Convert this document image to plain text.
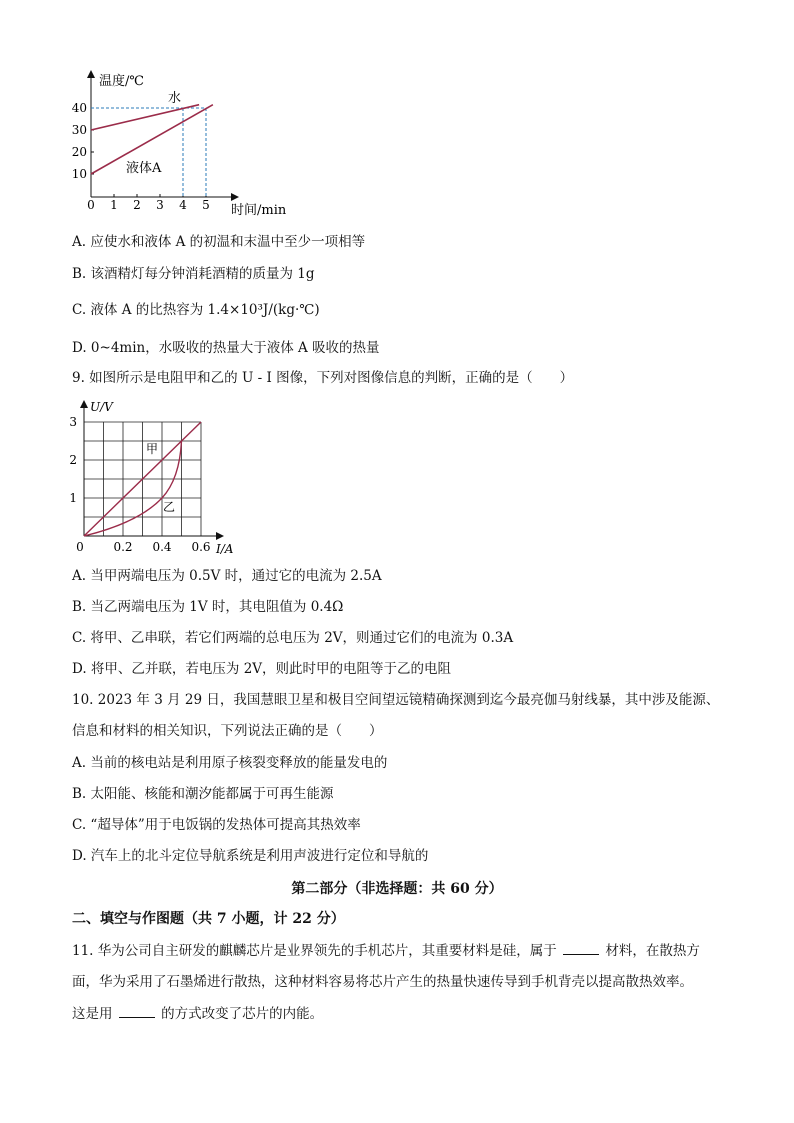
温度/℃
时间/min
0 1 2 3 4 5
10
20
30
40
水
液体A
A. 应使水和液体 A 的初温和末温中至少一项相等
B. 该酒精灯每分钟消耗酒精的质量为 1g
C. 液体 A 的比热容为 1.4×10³J/(kg·℃)
D. 0~4min，水吸收的热量大于液体 A 吸收的热量
9. 如图所示是电阻甲和乙的 U - I 图像，下列对图像信息的判断，正确的是（　　）
U/V
I/A
0 0.2 0.4 0.6
1
2
3
甲
乙
A. 当甲两端电压为 0.5V 时，通过它的电流为 2.5A
B. 当乙两端电压为 1V 时，其电阻值为 0.4Ω
C. 将甲、乙串联，若它们两端的总电压为 2V，则通过它们的电流为 0.3A
D. 将甲、乙并联，若电压为 2V，则此时甲的电阻等于乙的电阻
10. 2023 年 3 月 29 日，我国慧眼卫星和极目空间望远镜精确探测到迄今最亮伽马射线暴，其中涉及能源、
信息和材料的相关知识，下列说法正确的是（　　）
A. 当前的核电站是利用原子核裂变释放的能量发电的
B. 太阳能、核能和潮汐能都属于可再生能源
C. “超导体”用于电饭锅的发热体可提高其热效率
D. 汽车上的北斗定位导航系统是利用声波进行定位和导航的
第二部分（非选择题：共 60 分）
二、填空与作图题（共 7 小题，计 22 分）
11. 华为公司自主研发的麒麟芯片是业界领先的手机芯片，其重要材料是硅，属于	材料，在散热方
面，华为采用了石墨烯进行散热，这种材料容易将芯片产生的热量快速传导到手机背壳以提高散热效率。
这是用	的方式改变了芯片的内能。
